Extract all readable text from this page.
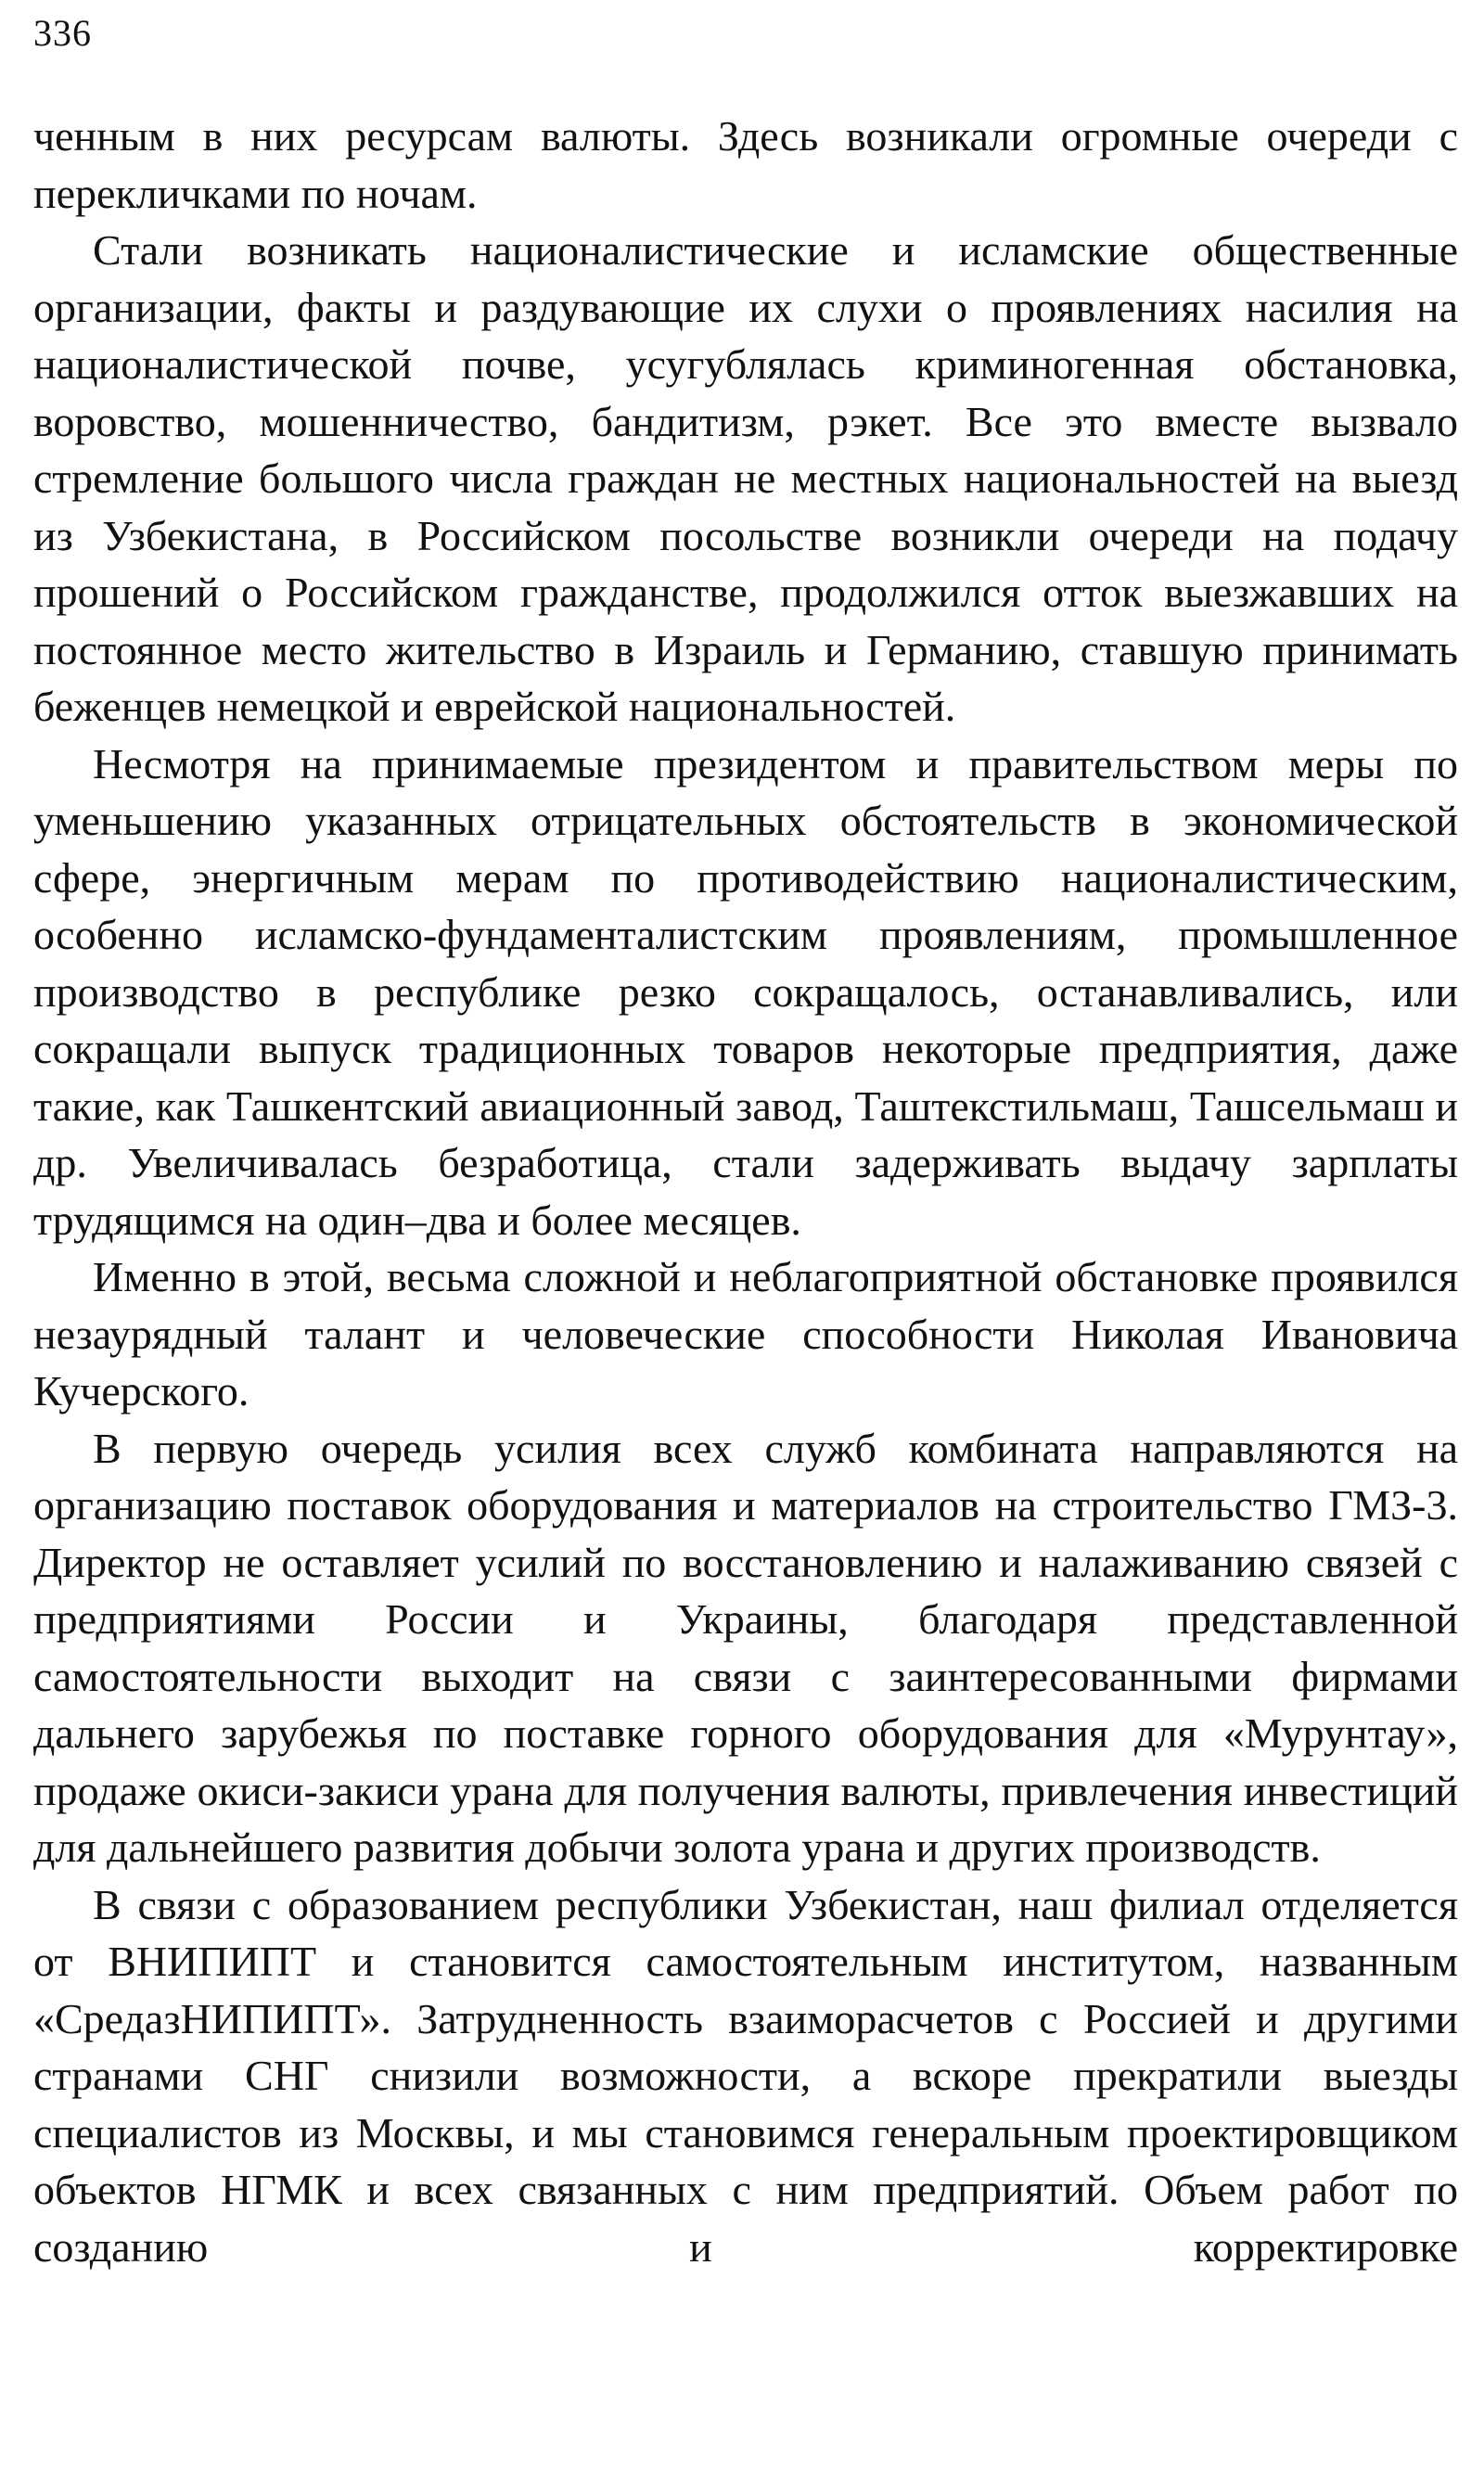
336

ченным в них ресурсам валюты. Здесь возникали огромные очереди с перекличками по ночам.

Стали возникать националистические и исламские общественные организации, факты и раздувающие их слухи о проявлениях насилия на националистической почве, усугублялась криминогенная обстановка, воровство, мошенничество, бандитизм, рэкет. Все это вместе вызвало стремление большого числа граждан не местных национальностей на выезд из Узбекистана, в Российском посольстве возникли очереди на подачу прошений о Российском гражданстве, продолжился отток выезжавших на постоянное место жительство в Израиль и Германию, ставшую принимать беженцев немецкой и еврейской национальностей.

Несмотря на принимаемые президентом и правительством меры по уменьшению указанных отрицательных обстоятельств в экономической сфере, энергичным мерам по противодействию националистическим, особенно исламско-фундаменталистским проявлениям, промышленное производство в республике резко сокращалось, останавливались, или сокращали выпуск традиционных товаров некоторые предприятия, даже такие, как Ташкентский авиационный завод, Таштекстильмаш, Ташсельмаш и др. Увеличивалась безработица, стали задерживать выдачу зарплаты трудящимся на один–два и более месяцев.

Именно в этой, весьма сложной и неблагоприятной обстановке проявился незаурядный талант и человеческие способности Николая Ивановича Кучерского.

В первую очередь усилия всех служб комбината направляются на организацию поставок оборудования и материалов на строительство ГМЗ-3. Директор не оставляет усилий по восстановлению и налаживанию связей с предприятиями России и Украины, благодаря представленной самостоятельности выходит на связи с заинтересованными фирмами дальнего зарубежья по поставке горного оборудования для «Мурунтау», продаже окиси-закиси урана для получения валюты, привлечения инвестиций для дальнейшего развития добычи золота урана и других производств.

В связи с образованием республики Узбекистан, наш филиал отделяется от ВНИПИПТ и становится самостоятельным институтом, названным «СредазНИПИПТ». Затрудненность взаиморасчетов с Россией и другими странами СНГ снизили возможности, а вскоре прекратили выезды специалистов из Москвы, и мы становимся генеральным проектировщиком объектов НГМК и всех связанных с ним предприятий. Объем работ по созданию и корректировке
